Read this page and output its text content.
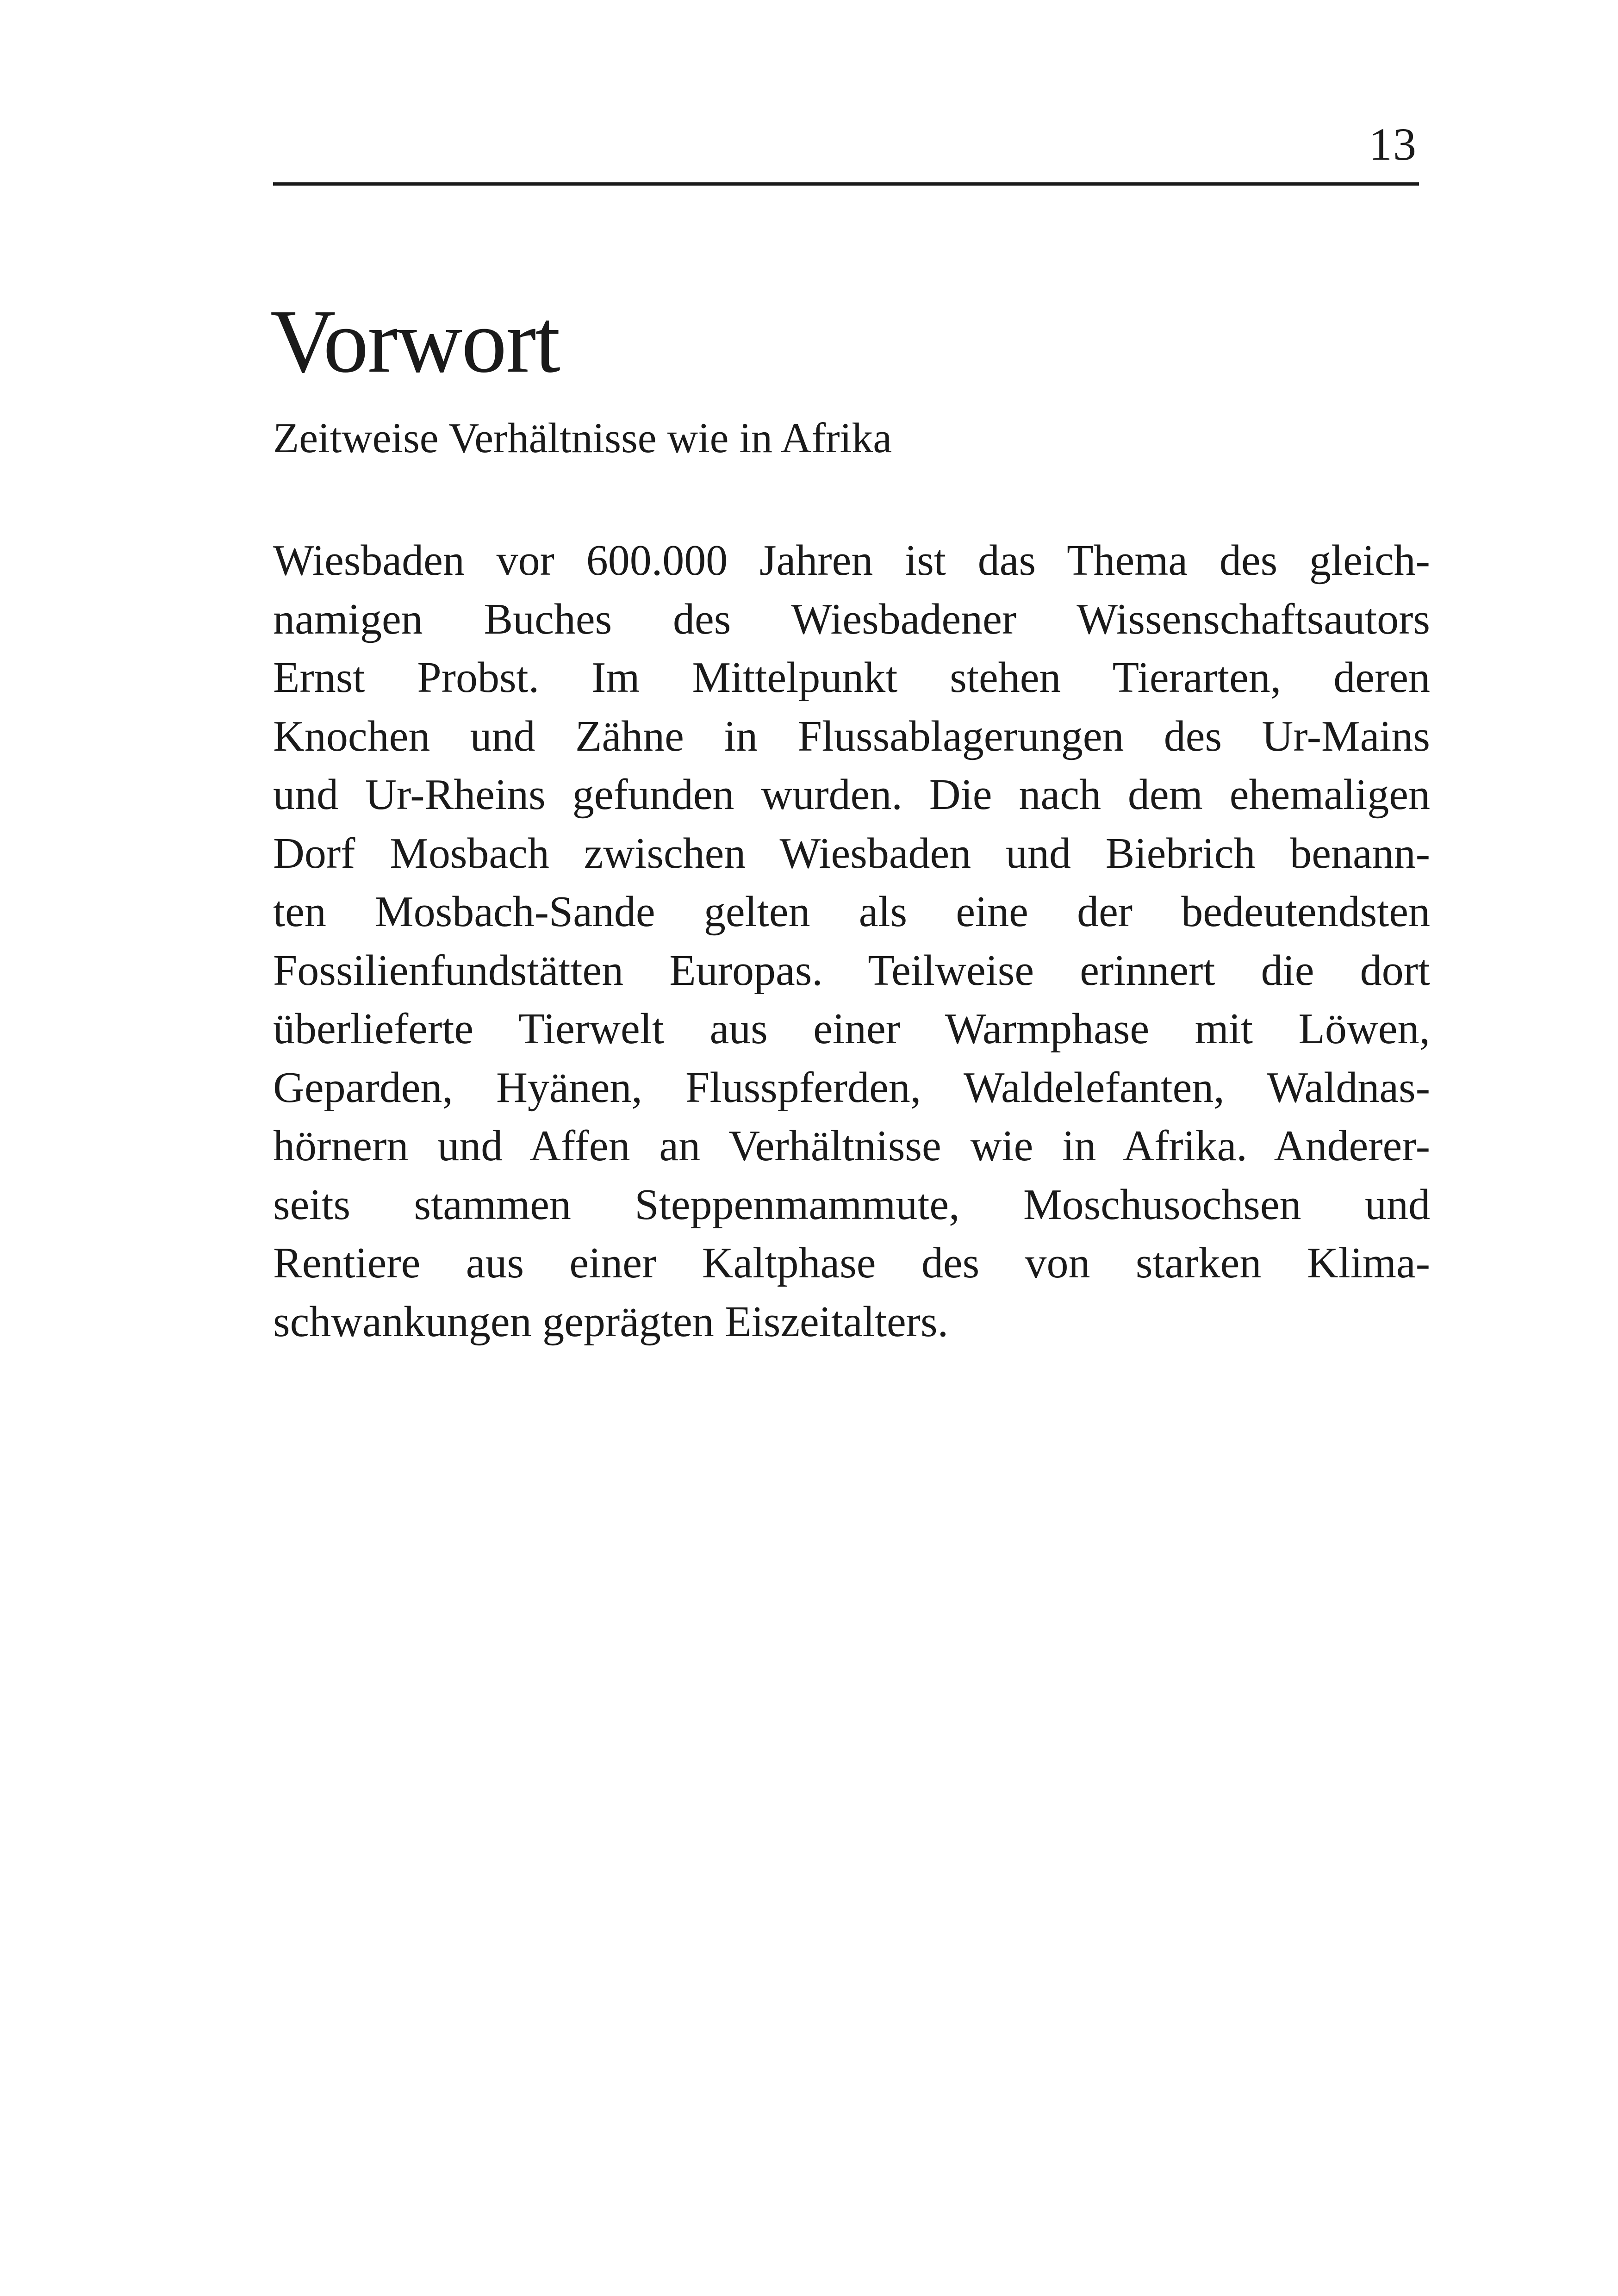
13
Vorwort

Zeitweise Verhältnisse wie in Afrika

Wiesbaden vor 600.000 Jahren ist das Thema des gleich-
namigen Buches des Wiesbadener Wissenschaftsautors
Ernst Probst. Im Mittelpunkt stehen Tierarten, deren
Knochen und Zähne in Flussablagerungen des Ur-Mains
und Ur-Rheins gefunden wurden. Die nach dem ehemaligen
Dorf Mosbach zwischen Wiesbaden und Biebrich benann-
ten Mosbach-Sande gelten als eine der bedeutendsten
Fossilienfundstätten Europas. Teilweise erinnert die dort
überlieferte Tierwelt aus einer Warmphase mit Löwen,
Geparden, Hyänen, Flusspferden, Waldelefanten, Waldnas-
hörnern und Affen an Verhältnisse wie in Afrika. Anderer-
seits stammen Steppenmammute, Moschusochsen und
Rentiere aus einer Kaltphase des von starken Klima-
schwankungen geprägten Eiszeitalters.
